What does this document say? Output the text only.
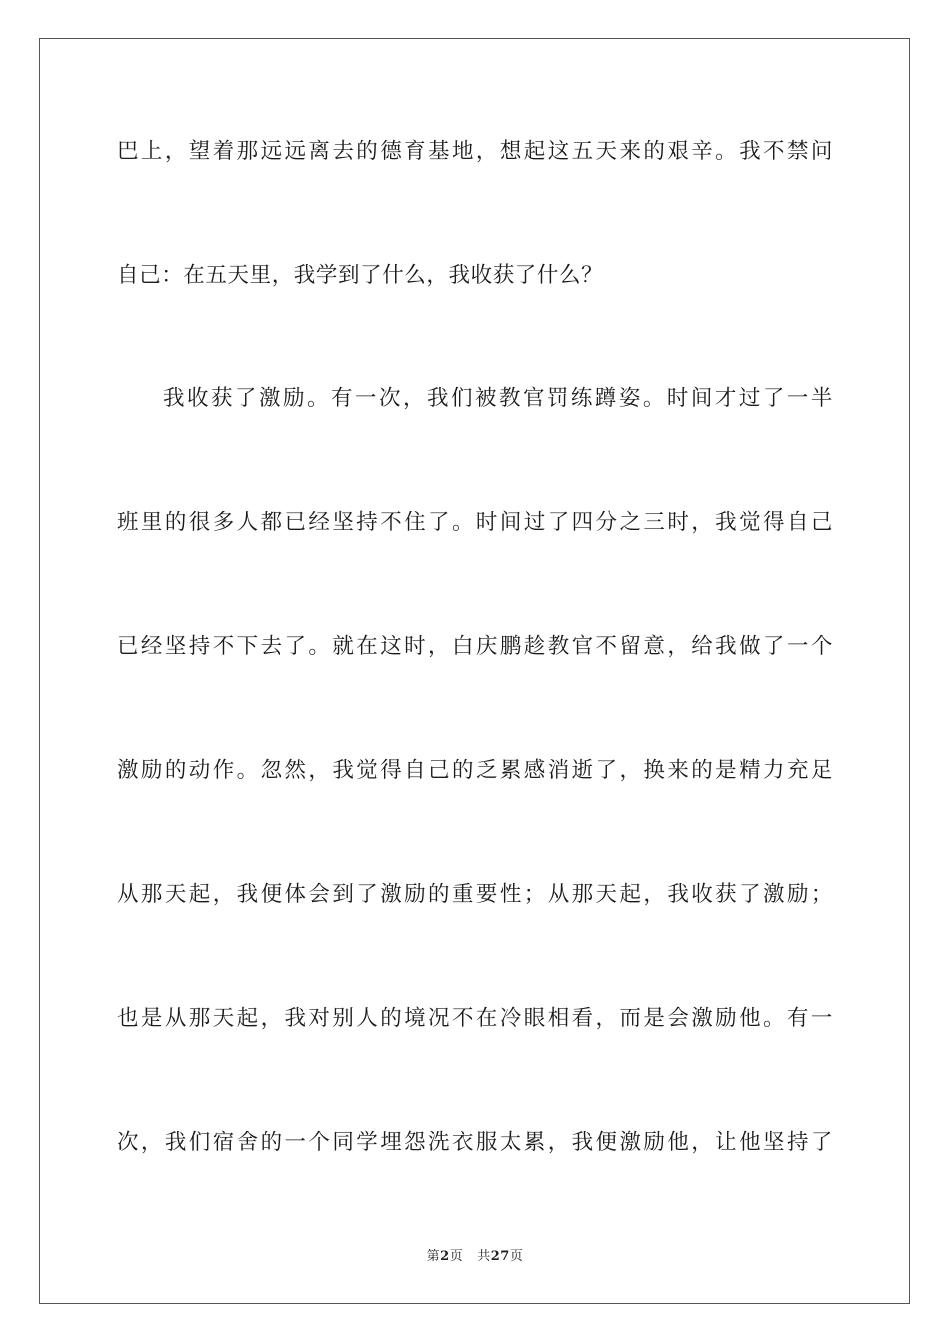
巴上，望着那远远离去的德育基地，想起这五天来的艰辛。我不禁问
自己：在五天里，我学到了什么，我收获了什么？
我收获了激励。有一次，我们被教官罚练蹲姿。时间才过了一半
班里的很多人都已经坚持不住了。时间过了四分之三时，我觉得自己
已经坚持不下去了。就在这时，白庆鹏趁教官不留意，给我做了一个
激励的动作。忽然，我觉得自己的乏累感消逝了，换来的是精力充足
从那天起，我便体会到了激励的重要性；从那天起，我收获了激励；
也是从那天起，我对别人的境况不在冷眼相看，而是会激励他。有一
次，我们宿舍的一个同学埋怨洗衣服太累，我便激励他，让他坚持了
第2页 共27页
